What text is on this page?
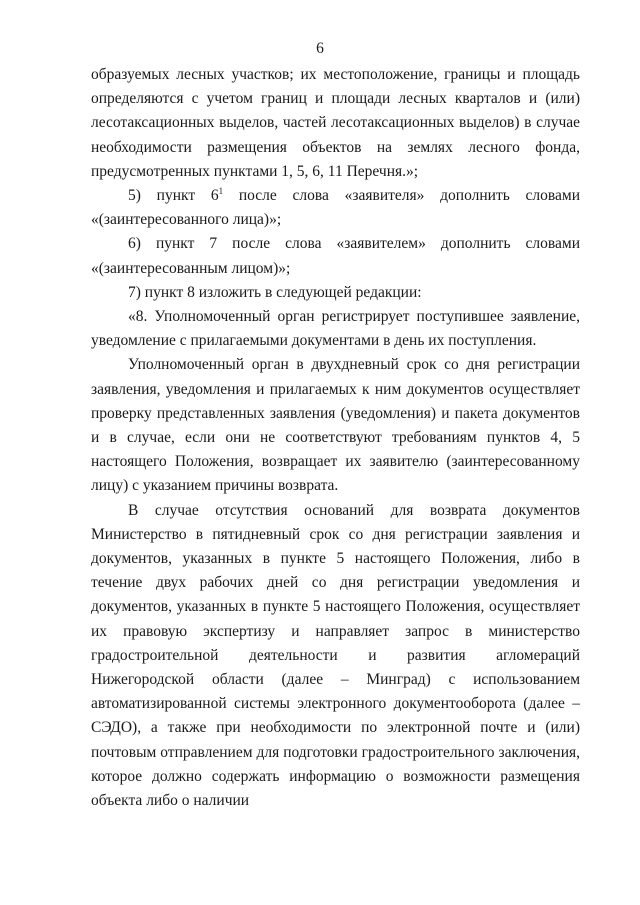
6

образуемых лесных участков; их местоположение, границы и площадь определяются с учетом границ и площади лесных кварталов и (или) лесотаксационных выделов, частей лесотаксационных выделов) в случае необходимости размещения объектов на землях лесного фонда, предусмотренных пунктами 1, 5, 6, 11 Перечня.»;

5) пункт $6^1$ после слова «заявителя» дополнить словами «(заинтересованного лица)»;

6) пункт 7 после слова «заявителем» дополнить словами «(заинтересованным лицом)»;

7) пункт 8 изложить в следующей редакции:

«8. Уполномоченный орган регистрирует поступившее заявление, уведомление с прилагаемыми документами в день их поступления.

Уполномоченный орган в двухдневный срок со дня регистрации заявления, уведомления и прилагаемых к ним документов осуществляет проверку представленных заявления (уведомления) и пакета документов и в случае, если они не соответствуют требованиям пунктов 4, 5 настоящего Положения, возвращает их заявителю (заинтересованному лицу) с указанием причины возврата.

В случае отсутствия оснований для возврата документов Министерство в пятидневный срок со дня регистрации заявления и документов, указанных в пункте 5 настоящего Положения, либо в течение двух рабочих дней со дня регистрации уведомления и документов, указанных в пункте 5 настоящего Положения, осуществляет их правовую экспертизу и направляет запрос в министерство градостроительной деятельности и развития агломераций Нижегородской области (далее – Минград) с использованием автоматизированной системы электронного документооборота (далее – СЭДО), а также при необходимости по электронной почте и (или) почтовым отправлением для подготовки градостроительного заключения, которое должно содержать информацию о возможности размещения объекта либо о наличии
